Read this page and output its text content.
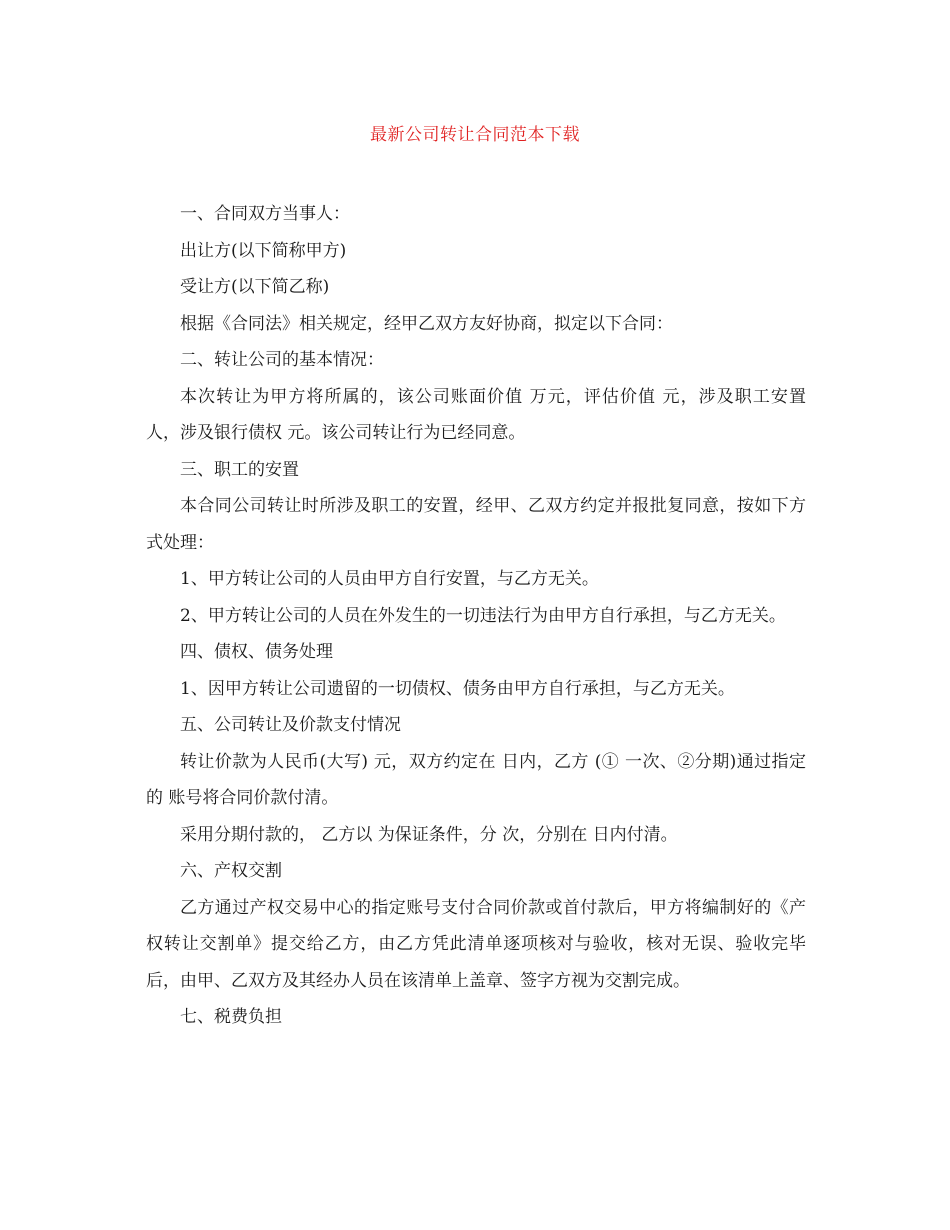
最新公司转让合同范本下载

一、合同双方当事人：

出让方(以下简称甲方)

受让方(以下简乙称)

根据《合同法》相关规定，经甲乙双方友好协商，拟定以下合同：

二、转让公司的基本情况：

本次转让为甲方将所属的，该公司账面价值 万元，评估价值 元，涉及职工安置 人，涉及银行债权 元。该公司转让行为已经同意。

三、职工的安置

本合同公司转让时所涉及职工的安置，经甲、乙双方约定并报批复同意，按如下方式处理：

1、甲方转让公司的人员由甲方自行安置，与乙方无关。

2、甲方转让公司的人员在外发生的一切违法行为由甲方自行承担，与乙方无关。

四、债权、债务处理

1、因甲方转让公司遗留的一切债权、债务由甲方自行承担，与乙方无关。

五、公司转让及价款支付情况

转让价款为人民币(大写) 元，双方约定在 日内，乙方 (① 一次、②分期)通过指定的 账号将合同价款付清。

采用分期付款的， 乙方以 为保证条件，分 次，分别在 日内付清。

六、产权交割

乙方通过产权交易中心的指定账号支付合同价款或首付款后，甲方将编制好的《产权转让交割单》提交给乙方，由乙方凭此清单逐项核对与验收，核对无误、验收完毕后，由甲、乙双方及其经办人员在该清单上盖章、签字方视为交割完成。

七、税费负担
